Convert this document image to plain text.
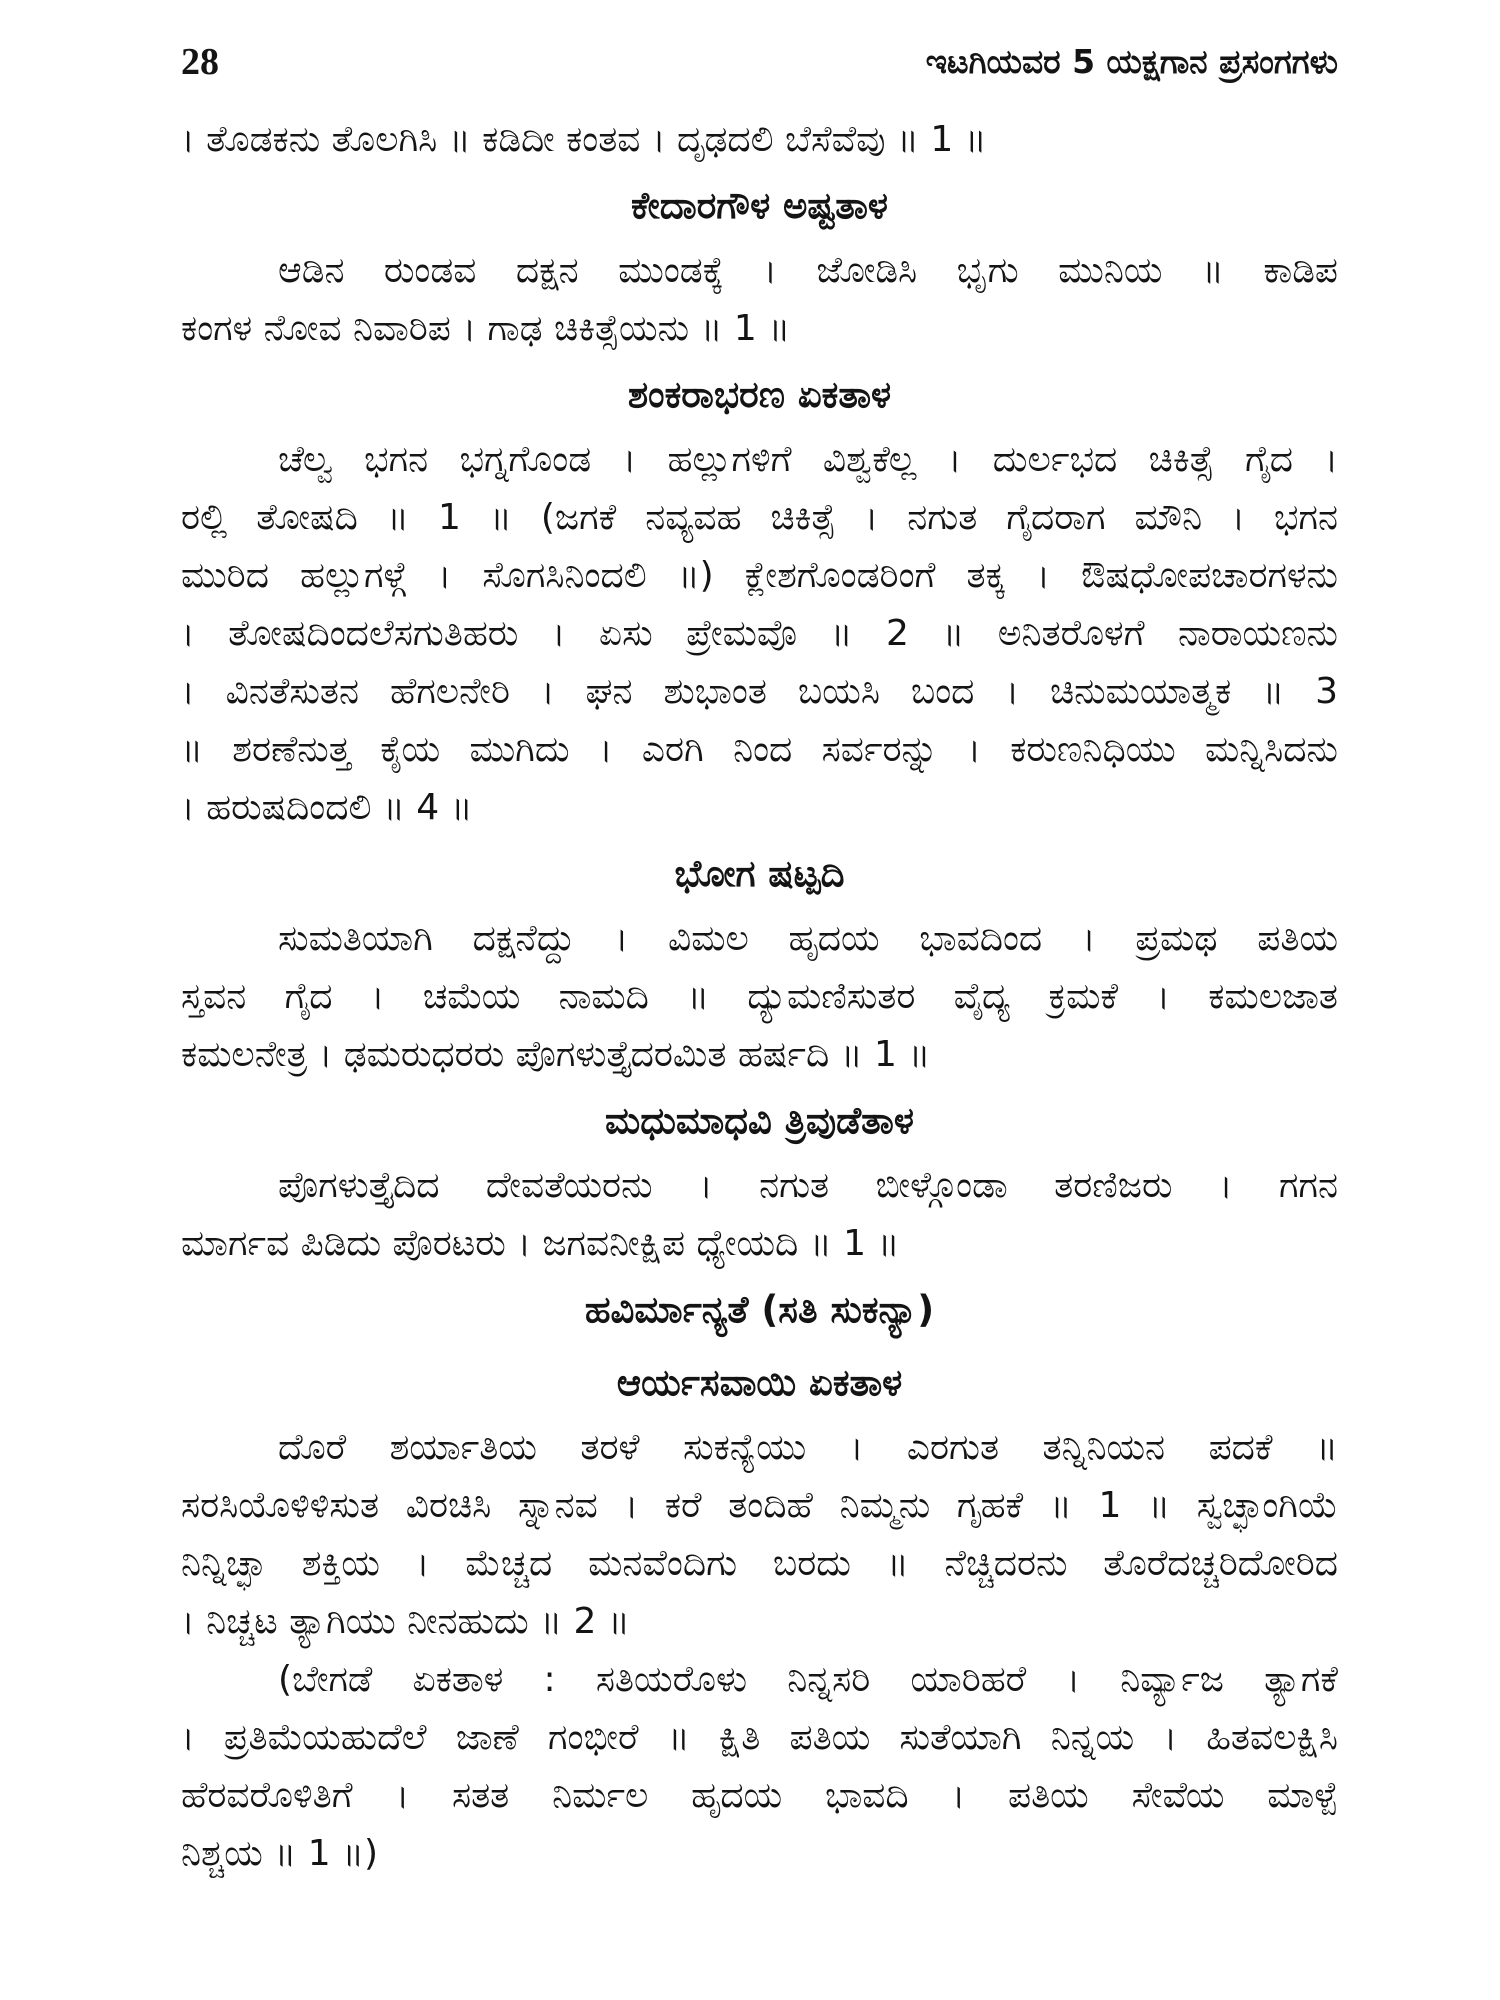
28	ಇಟಗಿಯವರ 5 ಯಕ್ಷಗಾನ ಪ್ರಸಂಗಗಳು
। ತೊಡಕನು ತೊಲಗಿಸಿ ॥ ಕಡಿದೀ ಕಂತವ । ದೃಢದಲಿ ಬೆಸೆವೆವು ॥ 1 ॥
ಕೇದಾರಗೌಳ ಅಷ್ಟತಾಳ
ಆಡಿನ ರುಂಡವ ದಕ್ಷನ ಮುಂಡಕ್ಕೆ । ಜೋಡಿಸಿ ಭೃಗು ಮುನಿಯ ॥ ಕಾಡಿಪ
ಕಂಗಳ ನೋವ ನಿವಾರಿಪ । ಗಾಢ ಚಿಕಿತ್ಸೆಯನು ॥ 1 ॥
ಶಂಕರಾಭರಣ ಏಕತಾಳ
ಚೆಲ್ವ ಭಗನ ಭಗ್ನಗೊಂಡ । ಹಲ್ಲುಗಳಿಗೆ ವಿಶ್ವಕೆಲ್ಲ । ದುರ್ಲಭದ ಚಿಕಿತ್ಸೆ ಗೈದ ।
ರಲ್ಲಿ ತೋಷದಿ ॥ 1 ॥ (ಜಗಕೆ ನವ್ಯವಹ ಚಿಕಿತ್ಸೆ । ನಗುತ ಗೈದರಾಗ ಮೌನಿ । ಭಗನ
ಮುರಿದ ಹಲ್ಲುಗಳ್ಗೆ । ಸೊಗಸಿನಿಂದಲಿ ॥) ಕ್ಲೇಶಗೊಂಡರಿಂಗೆ ತಕ್ಕ । ಔಷಧೋಪಚಾರಗಳನು
। ತೋಷದಿಂದಲೆಸಗುತಿಹರು । ಏಸು ಪ್ರೇಮವೊ ॥ 2 ॥ ಅನಿತರೊಳಗೆ ನಾರಾಯಣನು
। ವಿನತೆಸುತನ ಹೆಗಲನೇರಿ । ಘನ ಶುಭಾಂತ ಬಯಸಿ ಬಂದ । ಚಿನುಮಯಾತ್ಮಕ ॥ 3
॥ ಶರಣೆನುತ್ತ ಕೈಯ ಮುಗಿದು । ಎರಗಿ ನಿಂದ ಸರ್ವರನ್ನು । ಕರುಣನಿಧಿಯು ಮನ್ನಿಸಿದನು
। ಹರುಷದಿಂದಲಿ ॥ 4 ॥
ಭೋಗ ಷಟ್ಪದಿ
ಸುಮತಿಯಾಗಿ ದಕ್ಷನೆದ್ದು । ವಿಮಲ ಹೃದಯ ಭಾವದಿಂದ । ಪ್ರಮಥ ಪತಿಯ
ಸ್ತವನ ಗೈದ । ಚಮೆಯ ನಾಮದಿ ॥ ದ್ಯುಮಣಿಸುತರ ವೈದ್ಯ ಕ್ರಮಕೆ । ಕಮಲಜಾತ
ಕಮಲನೇತ್ರ । ಢಮರುಧರರು ಪೊಗಳುತ್ತೈದರಮಿತ ಹರ್ಷದಿ ॥ 1 ॥
ಮಧುಮಾಧವಿ ತ್ರಿವುಡೆತಾಳ
ಪೊಗಳುತ್ತೈದಿದ ದೇವತೆಯರನು । ನಗುತ ಬೀಳ್ಗೊಂಡಾ ತರಣಿಜರು । ಗಗನ
ಮಾರ್ಗವ ಪಿಡಿದು ಪೊರಟರು । ಜಗವನೀಕ್ಷಿಪ ಧ್ಯೇಯದಿ ॥ 1 ॥
ಹವಿರ್ಮಾನ್ಯತೆ (ಸತಿ ಸುಕನ್ಯಾ)
ಆರ್ಯಸವಾಯಿ ಏಕತಾಳ
ದೊರೆ ಶರ್ಯಾತಿಯ ತರಳೆ ಸುಕನ್ಯೆಯು । ಎರಗುತ ತನ್ನಿನಿಯನ ಪದಕೆ ॥
ಸರಸಿಯೊಳಿಳಿಸುತ ವಿರಚಿಸಿ ಸ್ನಾನವ । ಕರೆ ತಂದಿಹೆ ನಿಮ್ಮನು ಗೃಹಕೆ ॥ 1 ॥ ಸ್ವಚ್ಛಾಂಗಿಯೆ
ನಿನ್ನಿಚ್ಛಾ ಶಕ್ತಿಯ । ಮೆಚ್ಚದ ಮನವೆಂದಿಗು ಬರದು ॥ ನೆಚ್ಚಿದರನು ತೊರೆದಚ್ಚರಿದೋರಿದ
। ನಿಚ್ಚಟ ತ್ಯಾಗಿಯು ನೀನಹುದು ॥ 2 ॥
(ಬೇಗಡೆ ಏಕತಾಳ : ಸತಿಯರೊಳು ನಿನ್ನಸರಿ ಯಾರಿಹರೆ । ನಿರ್ವ್ಯಾಜ ತ್ಯಾಗಕೆ
। ಪ್ರತಿಮೆಯಹುದೆಲೆ ಜಾಣೆ ಗಂಭೀರೆ ॥ ಕ್ಷಿತಿ ಪತಿಯ ಸುತೆಯಾಗಿ ನಿನ್ನಯ । ಹಿತವಲಕ್ಷಿಸಿ
ಹೆರವರೊಳಿತಿಗೆ । ಸತತ ನಿರ್ಮಲ ಹೃದಯ ಭಾವದಿ । ಪತಿಯ ಸೇವೆಯ ಮಾಳ್ಪೆ
ನಿಶ್ಚಯ ॥ 1 ॥)
